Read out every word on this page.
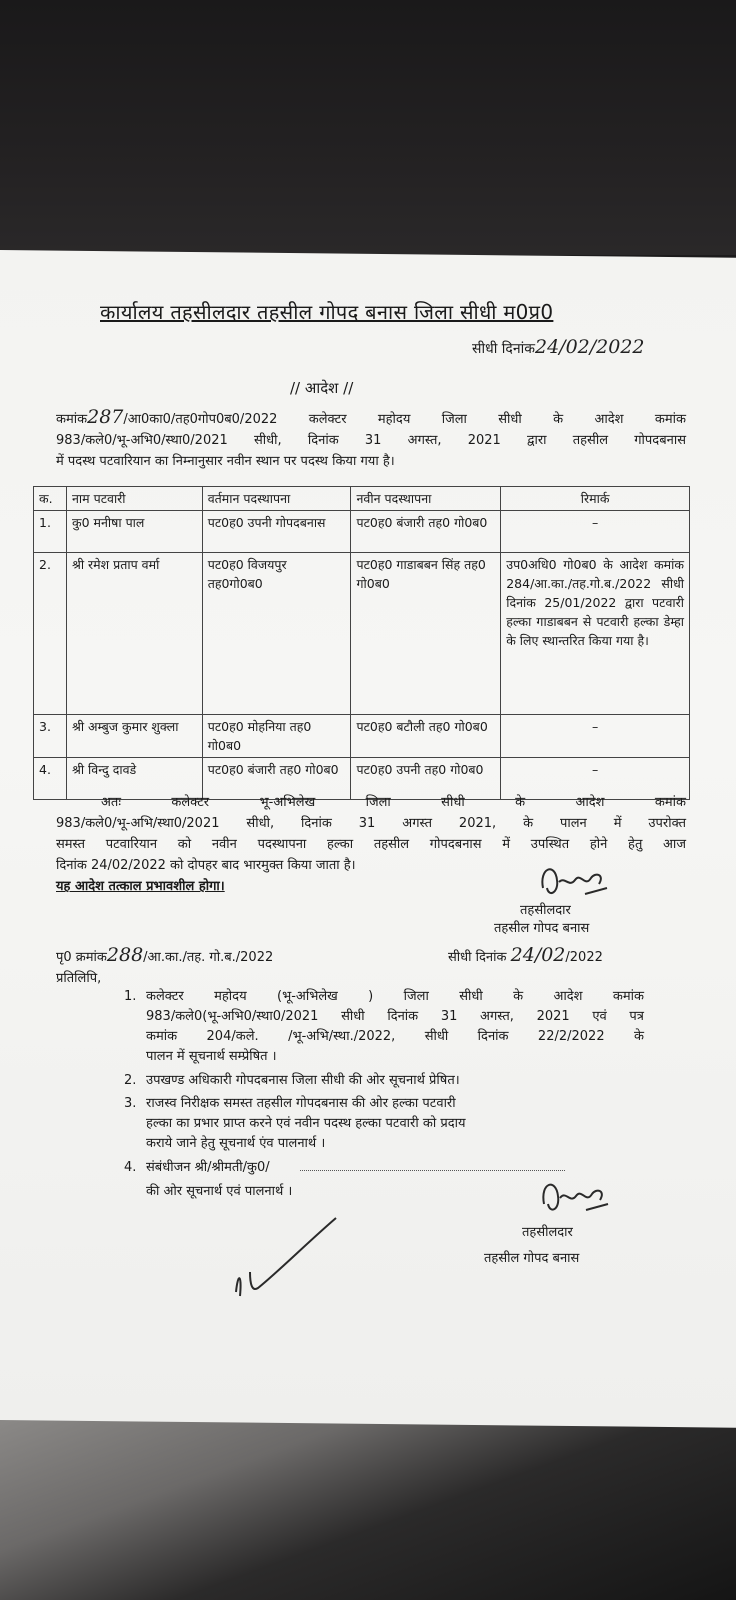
कार्यालय तहसीलदार तहसील गोपद बनास जिला सीधी म0प्र0
सीधी दिनांक24/02/2022
// आदेश //
कमांक287/आ0का0/तह0गोप0ब0/2022 कलेक्टर महोदय जिला सीधी के आदेश कमांक
983/कले0/भू-अभि0/स्था0/2021 सीधी, दिनांक 31 अगस्त, 2021 द्वारा तहसील गोपदबनास
में पदस्थ पटवारियान का निम्नानुसार नवीन स्थान पर पदस्थ किया गया है।
क.	नाम पटवारी	वर्तमान पदस्थापना	नवीन पदस्थापना	रिमार्क
1.	कु0 मनीषा पाल	पट0ह0 उपनी गोपदबनास	पट0ह0 बंजारी तह0 गो0ब0	–
2.	श्री रमेश प्रताप वर्मा	पट0ह0 विजयपुर तह0गो0ब0	पट0ह0 गाडाबबन सिंह तह0 गो0ब0	उप0अधि0 गो0ब0 के आदेश कमांक 284/आ.का./तह.गो.ब./2022 सीधी दिनांक 25/01/2022 द्वारा पटवारी हल्का गाडाबबन से पटवारी हल्का डेम्हा के लिए स्थान्तरित किया गया है।
3.	श्री अम्बुज कुमार शुक्ला	पट0ह0 मोहनिया तह0 गो0ब0	पट0ह0 बटौली तह0 गो0ब0	–
4.	श्री विन्दु दावडे	पट0ह0 बंजारी तह0 गो0ब0	पट0ह0 उपनी तह0 गो0ब0	–
अतः कलेक्टर भू-अभिलेख जिला सीधी के आदेश कमांक
983/कले0/भू-अभि/स्था0/2021 सीधी, दिनांक 31 अगस्त 2021, के पालन में उपरोक्त
समस्त पटवारियान को नवीन पदस्थापना हल्का तहसील गोपदबनास में उपस्थित होने हेतु आज
दिनांक 24/02/2022 को दोपहर बाद भारमुक्त किया जाता है।
यह आदेश तत्काल प्रभावशील होगा।
तहसीलदार
तहसील गोपद बनास
पृ0 क्रमांक288/आ.का./तह. गो.ब./2022	सीधी दिनांक 24/02/2022
प्रतिलिपि,
1. कलेक्टर महोदय (भू-अभिलेख ) जिला सीधी के आदेश कमांक
983/कले0(भू-अभि0/स्था0/2021 सीधी दिनांक 31 अगस्त, 2021 एवं पत्र
कमांक 204/कले. /भू-अभि/स्था./2022, सीधी दिनांक 22/2/2022 के
पालन में सूचनार्थ सम्प्रेषित ।
2. उपखण्ड अधिकारी गोपदबनास जिला सीधी की ओर सूचनार्थ प्रेषित।
3. राजस्व निरीक्षक समस्त तहसील गोपदबनास की ओर हल्का पटवारी
हल्का का प्रभार प्राप्त करने एवं नवीन पदस्थ हल्का पटवारी को प्रदाय
कराये जाने हेतु सूचनार्थ एंव पालनार्थ ।
4. संबंधीजन श्री/श्रीमती/कु0/
की ओर सूचनार्थ एवं पालनार्थ ।
तहसीलदार
तहसील गोपद बनास
